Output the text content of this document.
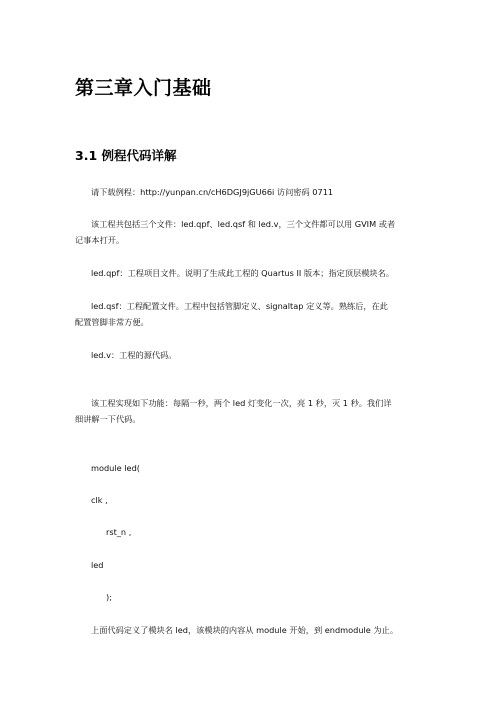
第三章入门基础
3.1 例程代码详解
请下载例程：http://yunpan.cn/cH6DGJ9jGU66i 访问密码 0711
该工程共包括三个文件：led.qpf、led.qsf 和 led.v，三个文件都可以用 GVIM 或者
记事本打开。
led.qpf：工程项目文件。说明了生成此工程的 Quartus II 版本；指定顶层模块名。
led.qsf：工程配置文件。工程中包括管脚定义、signaltap 定义等。熟练后，在此
配置管脚非常方便。
led.v：工程的源代码。
该工程实现如下功能：每隔一秒，两个 led 灯变化一次，亮 1 秒，灭 1 秒。我们详
细讲解一下代码。
module led(
clk ,
rst_n ,
led
);
上面代码定义了模块名 led，该模块的内容从 module 开始，到 endmodule 为止。
